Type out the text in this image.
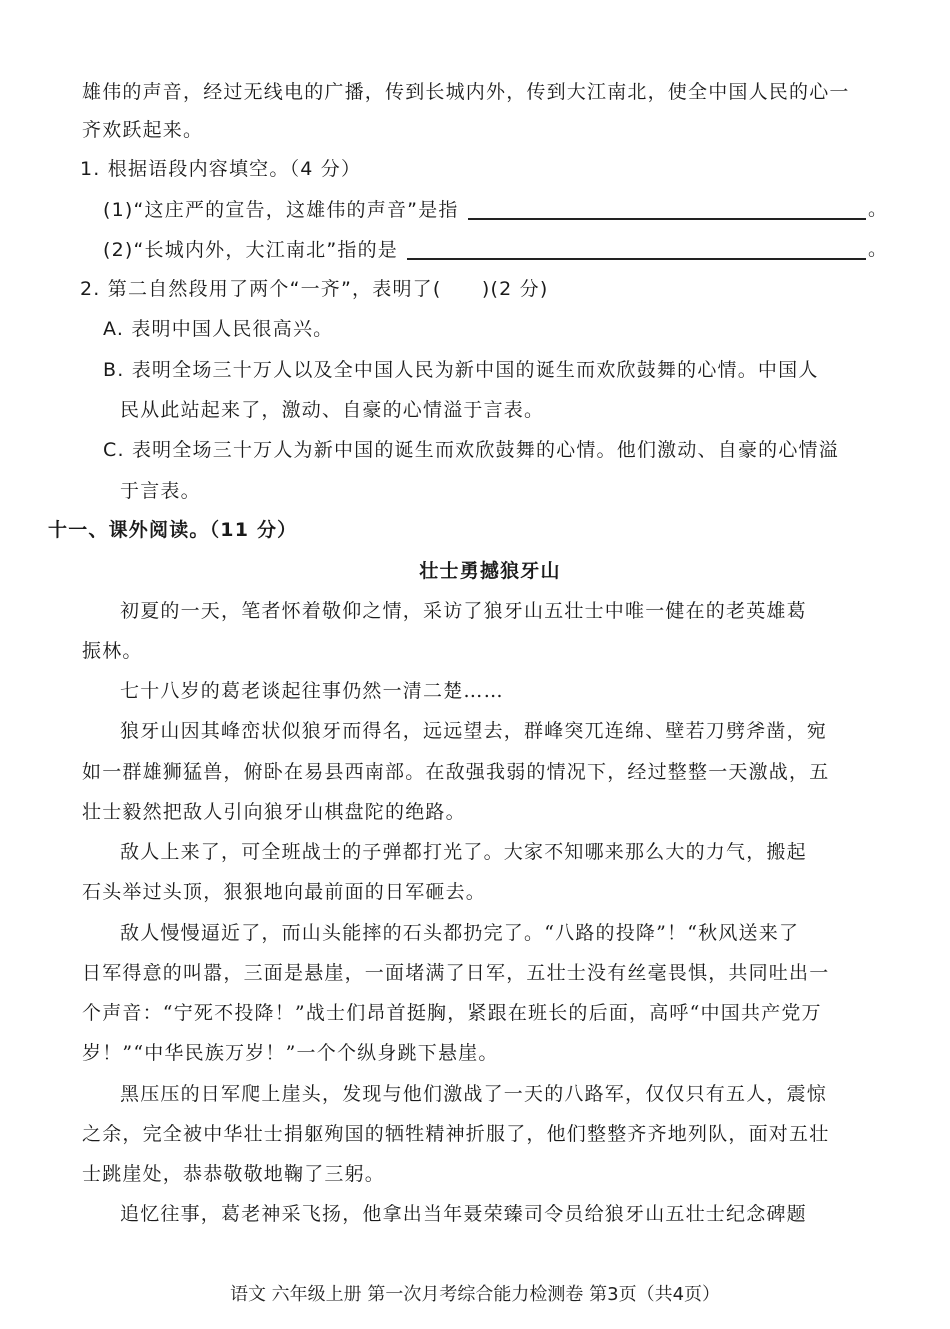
雄伟的声音，经过无线电的广播，传到长城内外，传到大江南北，使全中国人民的心一
齐欢跃起来。
1. 根据语段内容填空。（4 分）
(1)“这庄严的宣告，这雄伟的声音”是指	。
(2)“长城内外，大江南北”指的是	。
2. 第二自然段用了两个“一齐”，表明了(　　)(2 分)
A. 表明中国人民很高兴。
B. 表明全场三十万人以及全中国人民为新中国的诞生而欢欣鼓舞的心情。中国人
民从此站起来了，激动、自豪的心情溢于言表。
C. 表明全场三十万人为新中国的诞生而欢欣鼓舞的心情。他们激动、自豪的心情溢
于言表。
十一、课外阅读。（11 分）
壮士勇撼狼牙山
初夏的一天，笔者怀着敬仰之情，采访了狼牙山五壮士中唯一健在的老英雄葛
振林。
七十八岁的葛老谈起往事仍然一清二楚……
狼牙山因其峰峦状似狼牙而得名，远远望去，群峰突兀连绵、壁若刀劈斧凿，宛
如一群雄狮猛兽，俯卧在易县西南部。在敌强我弱的情况下，经过整整一天激战，五
壮士毅然把敌人引向狼牙山棋盘陀的绝路。
敌人上来了，可全班战士的子弹都打光了。大家不知哪来那么大的力气，搬起
石头举过头顶，狠狠地向最前面的日军砸去。
敌人慢慢逼近了，而山头能摔的石头都扔完了。“八路的投降”！“秋风送来了
日军得意的叫嚣，三面是悬崖，一面堵满了日军，五壮士没有丝毫畏惧，共同吐出一
个声音：“宁死不投降！”战士们昂首挺胸，紧跟在班长的后面，高呼“中国共产党万
岁！”“中华民族万岁！”一个个纵身跳下悬崖。
黑压压的日军爬上崖头，发现与他们激战了一天的八路军，仅仅只有五人，震惊
之余，完全被中华壮士捐躯殉国的牺牲精神折服了，他们整整齐齐地列队，面对五壮
士跳崖处，恭恭敬敬地鞠了三躬。
追忆往事，葛老神采飞扬，他拿出当年聂荣臻司令员给狼牙山五壮士纪念碑题
语文 六年级上册 第一次月考综合能力检测卷 第3页（共4页）
